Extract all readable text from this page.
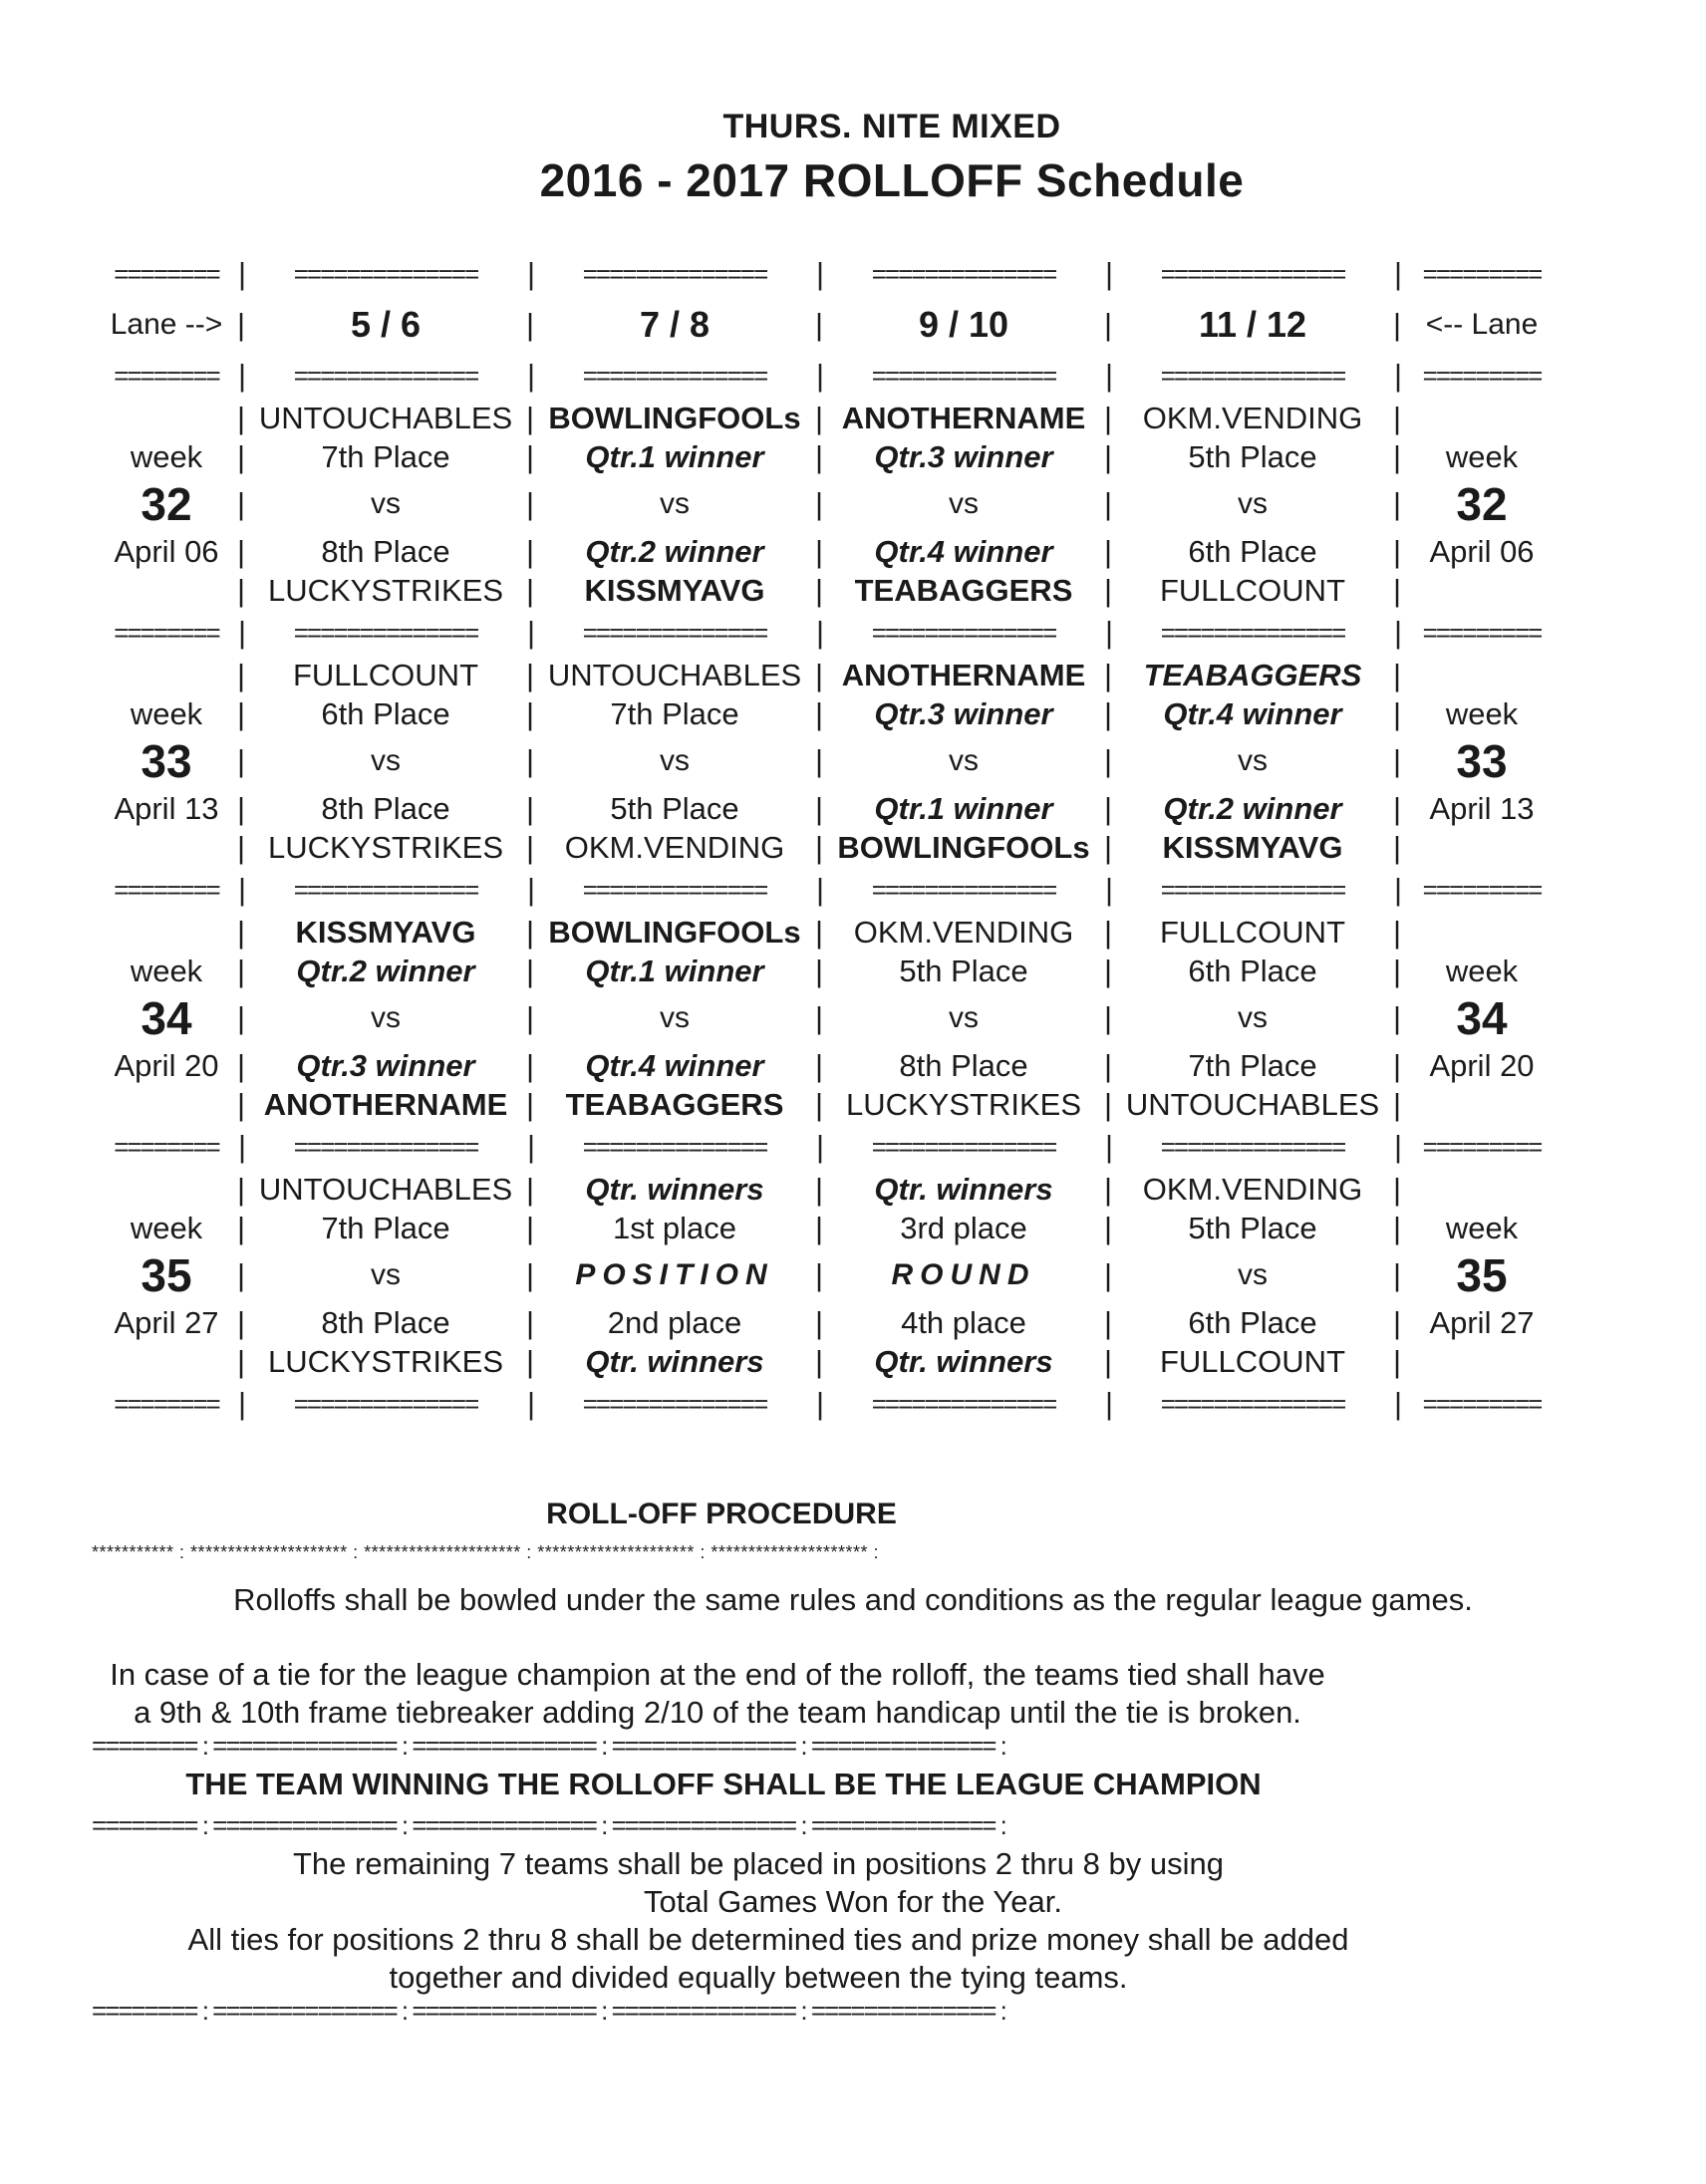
THURS. NITE MIXED
2016 - 2017 ROLLOFF Schedule
======== |	==============	|	==============	|	==============	|	==============	| =========
Lane --> |	5 / 6	|	7 / 8	|	9 / 10	|	11 / 12	| <-- Lane
======== |	==============	|	==============	|	==============	|	==============	| =========
| UNTOUCHABLES | BOWLINGFOOLs | ANOTHERNAME | OKM.VENDING |
week	|	7th Place	|	Qtr.1 winner	|	Qtr.3 winner	|	5th Place	|	week
32	|	vs	|	vs	|	vs	|	vs	|	32
April 06 |	8th Place	|	Qtr.2 winner	|	Qtr.4 winner	|	6th Place	| April 06
| LUCKYSTRIKES |	KISSMYAVG	|	TEABAGGERS	|	FULLCOUNT	|
======== |	==============	|	==============	|	==============	|	==============	| =========
|	FULLCOUNT	| UNTOUCHABLES | ANOTHERNAME |	TEABAGGERS	|
week	|	6th Place	|	7th Place	|	Qtr.3 winner	|	Qtr.4 winner	|	week
33	|	vs	|	vs	|	vs	|	vs	|	33
April 13 |	8th Place	|	5th Place	|	Qtr.1 winner	|	Qtr.2 winner	| April 13
| LUCKYSTRIKES | OKM.VENDING | BOWLINGFOOLs |	KISSMYAVG	|
======== |	==============	|	==============	|	==============	|	==============	| =========
|	KISSMYAVG	| BOWLINGFOOLs | OKM.VENDING |	FULLCOUNT	|
week	|	Qtr.2 winner	|	Qtr.1 winner	|	5th Place	|	6th Place	|	week
34	|	vs	|	vs	|	vs	|	vs	|	34
April 20 |	Qtr.3 winner	|	Qtr.4 winner	|	8th Place	|	7th Place	| April 20
| ANOTHERNAME |	TEABAGGERS	| LUCKYSTRIKES | UNTOUCHABLES |
======== |	==============	|	==============	|	==============	|	==============	| =========
| UNTOUCHABLES |	Qtr. winners	|	Qtr. winners	| OKM.VENDING |
week	|	7th Place	|	1st place	|	3rd place	|	5th Place	|	week
35	|	vs	|	POSITION	|	ROUND	|	vs	|	35
April 27 |	8th Place	|	2nd place	|	4th place	|	6th Place	| April 27
| LUCKYSTRIKES |	Qtr. winners	|	Qtr. winners	|	FULLCOUNT	|
======== |	==============	|	==============	|	==============	|	==============	| =========
ROLL-OFF PROCEDURE
*********** : ********************* : ********************* : ********************* : ********************* :
Rolloffs shall be bowled under the same rules and conditions as the regular league games.
In case of a tie for the league champion at the end of the rolloff, the teams tied shall have
a 9th & 10th frame tiebreaker adding 2/10 of the team handicap until the tie is broken.
======== : ============== : ============== : ============== : ============== :
THE TEAM WINNING THE ROLLOFF SHALL BE THE LEAGUE CHAMPION
======== : ============== : ============== : ============== : ============== :
The remaining 7 teams shall be placed in positions 2 thru 8 by using
Total Games Won for the Year.
All ties for positions 2 thru 8 shall be determined ties and prize money shall be added
together and divided equally between the tying teams.
======== : ============== : ============== : ============== : ============== :
